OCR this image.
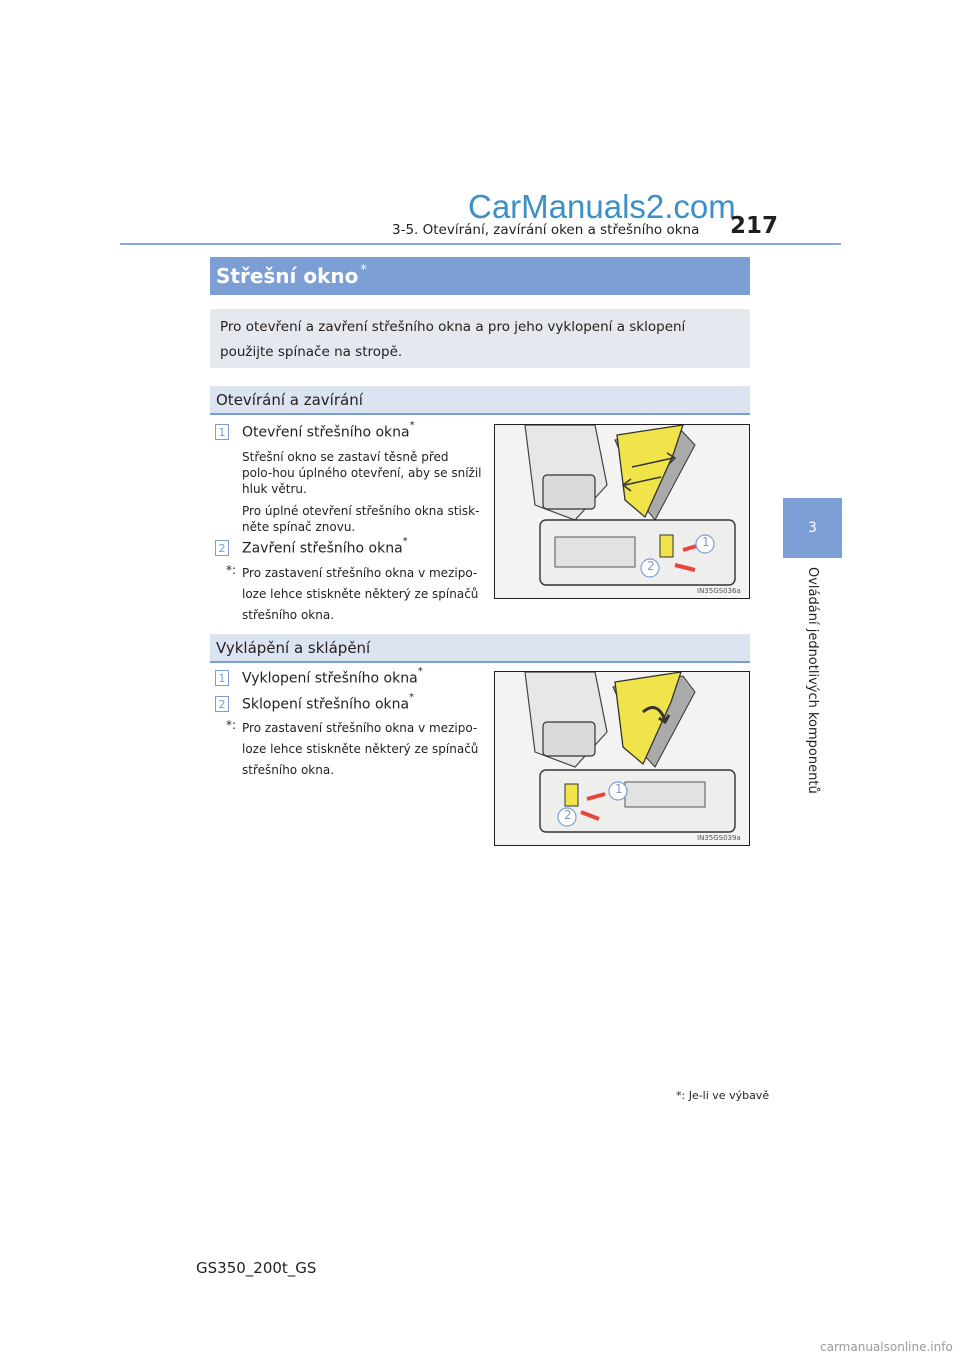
CarManuals2.com
3-5. Otevírání, zavírání oken a střešního okna 217
3
Ovládání jednotlivých komponentů
Střešní okno*
Pro otevření a zavření střešního okna a pro jeho vyklopení a sklopení použijte spínače na stropě.
Otevírání a zavírání
1 Otevření střešního okna*
Střešní okno se zastaví těsně před polo-hou úplného otevření, aby se snížil hluk větru.
Pro úplné otevření střešního okna stisk-něte spínač znovu.
2 Zavření střešního okna*
*: Pro zastavení střešního okna v mezipo-loze lehce stiskněte některý ze spínačů střešního okna.
1
2
IN35GS036a
Vyklápění a sklápění
1 Vyklopení střešního okna*
2 Sklopení střešního okna*
*: Pro zastavení střešního okna v mezipo-loze lehce stiskněte některý ze spínačů střešního okna.
1
2
IN35GS039a
*: Je-li ve výbavě
GS350_200t_GS
carmanualsonline.info
